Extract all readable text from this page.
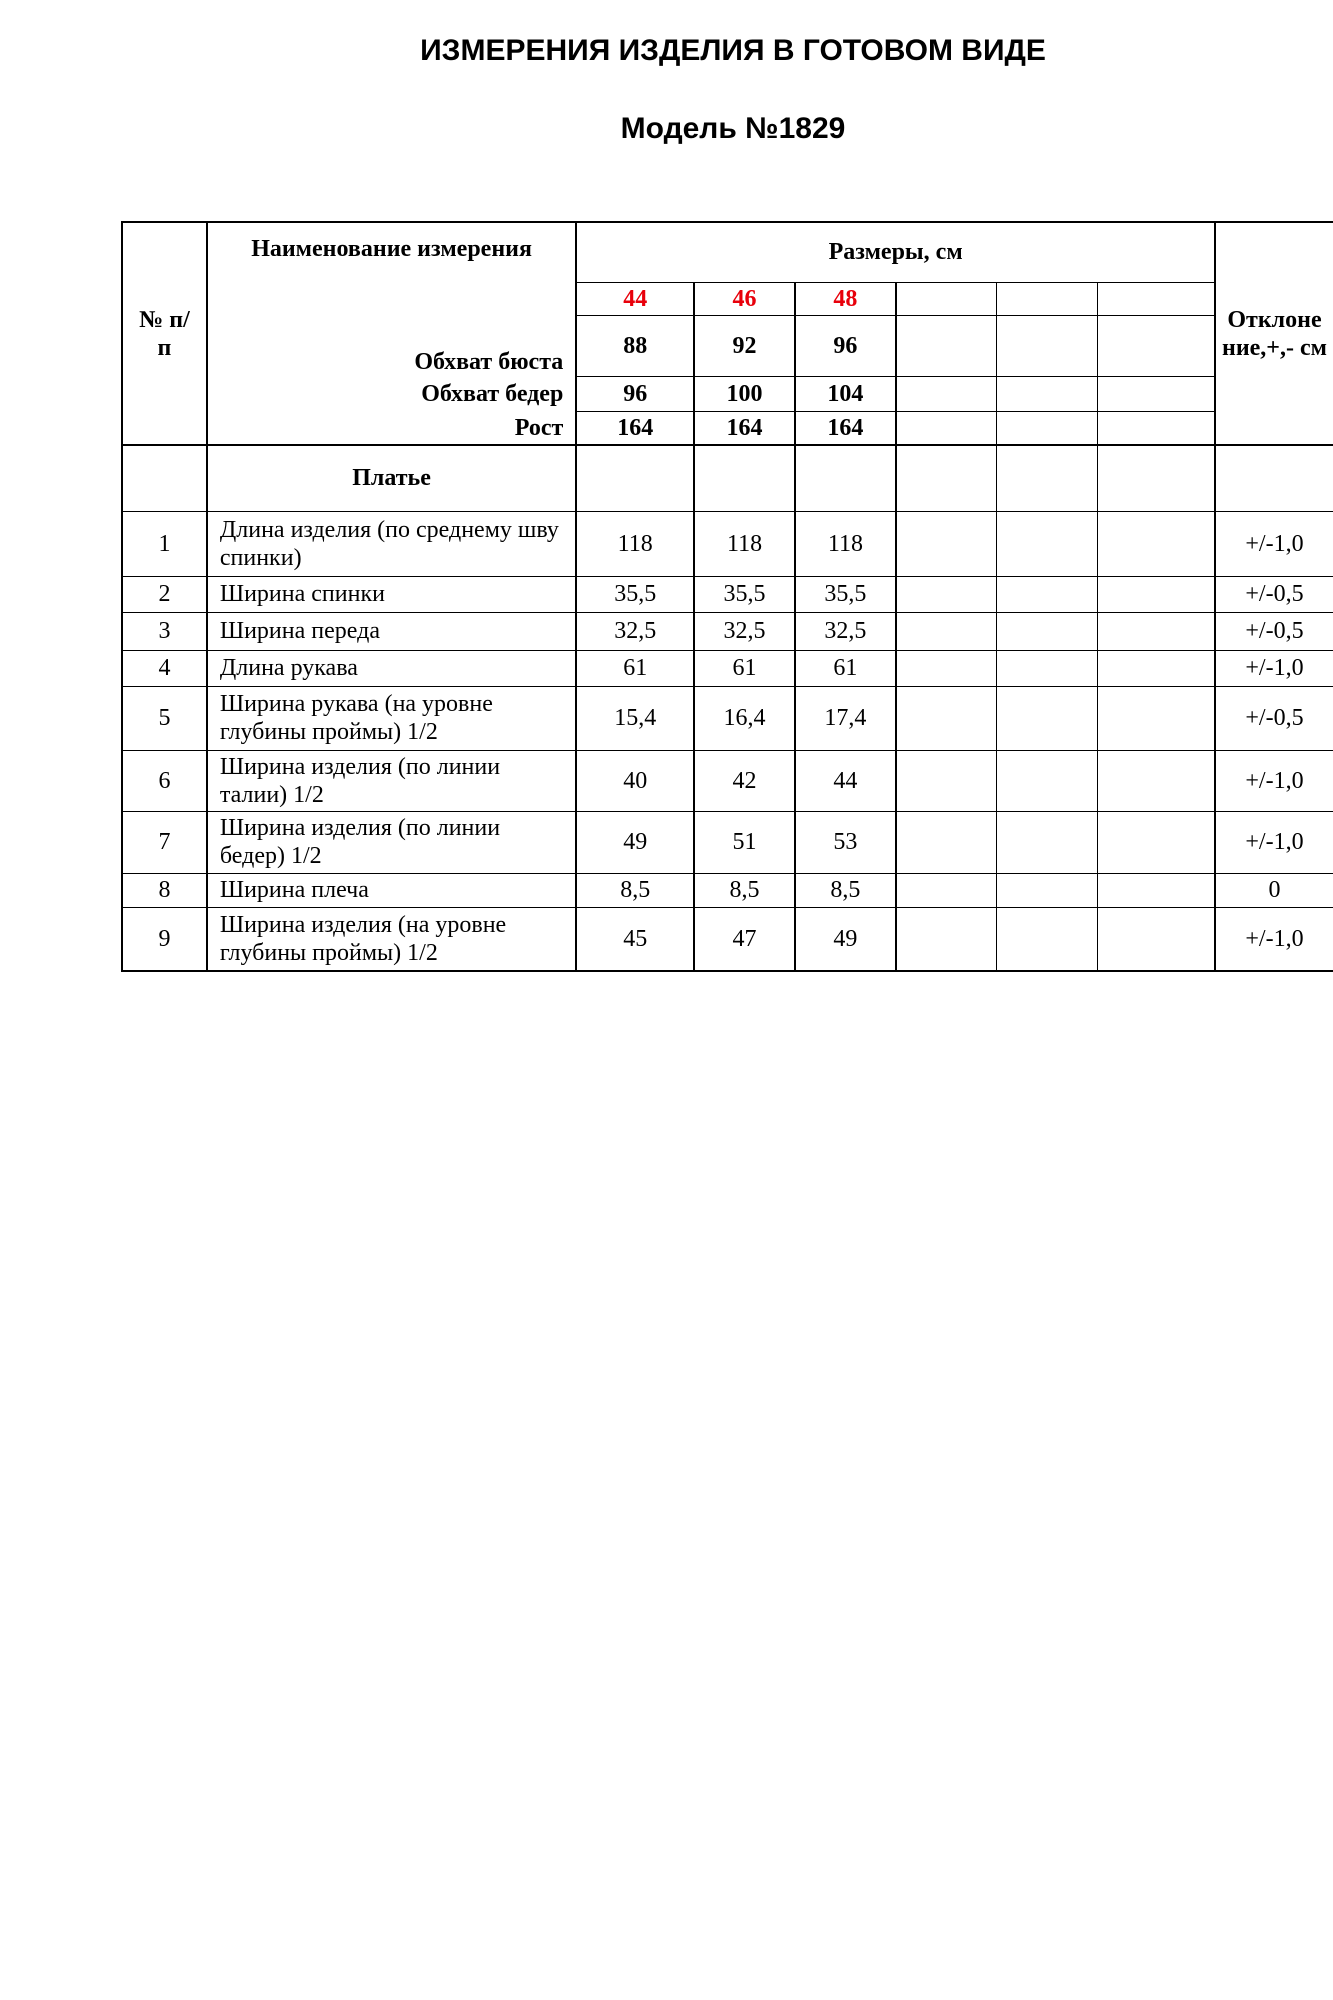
ИЗМЕРЕНИЯ ИЗДЕЛИЯ В ГОТОВОМ ВИДЕ
Модель №1829
№ п/п	Наименование измерения	Размеры, см						Отклоне ние,+,- см
		44	46	48				
	Обхват бюста	88	92	96				
	Обхват бедер	96	100	104				
	Рост	164	164	164				
	Платье							
1	Длина изделия (по среднему шву спинки)	118	118	118				+/-1,0
2	Ширина спинки	35,5	35,5	35,5				+/-0,5
3	Ширина переда	32,5	32,5	32,5				+/-0,5
4	Длина рукава	61	61	61				+/-1,0
5	Ширина рукава (на уровне глубины проймы) 1/2	15,4	16,4	17,4				+/-0,5
6	Ширина изделия (по линии талии) 1/2	40	42	44				+/-1,0
7	Ширина изделия (по линии бедер) 1/2	49	51	53				+/-1,0
8	Ширина плеча	8,5	8,5	8,5				0
9	Ширина изделия (на уровне глубины проймы) 1/2	45	47	49				+/-1,0
